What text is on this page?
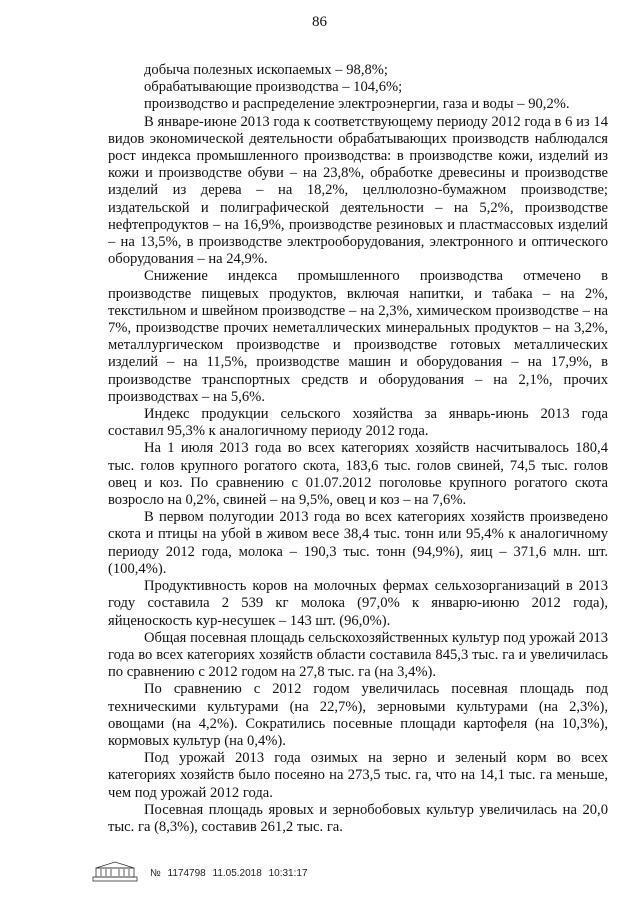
86

добыча полезных ископаемых – 98,8%;

обрабатывающие производства – 104,6%;

производство и распределение электроэнергии, газа и воды – 90,2%.

В январе-июне 2013 года к соответствующему периоду 2012 года в 6 из 14 видов экономической деятельности обрабатывающих производств наблюдался рост индекса промышленного производства: в производстве кожи, изделий из кожи и производстве обуви – на 23,8%, обработке древесины и производстве изделий из дерева – на 18,2%, целлюлозно-бумажном производстве; издательской и полиграфической деятельности – на 5,2%, производстве нефтепродуктов – на 16,9%, производстве резиновых и пластмассовых изделий – на 13,5%, в производстве электрооборудования, электронного и оптического оборудования – на 24,9%.

Снижение индекса промышленного производства отмечено в производстве пищевых продуктов, включая напитки, и табака – на 2%, текстильном и швейном производстве – на 2,3%, химическом производстве – на 7%, производстве прочих неметаллических минеральных продуктов – на 3,2%, металлургическом производстве и производстве готовых металлических изделий – на 11,5%, производстве машин и оборудования – на 17,9%, в производстве транспортных средств и оборудования – на 2,1%, прочих производствах – на 5,6%.

Индекс продукции сельского хозяйства за январь-июнь 2013 года составил 95,3% к аналогичному периоду 2012 года.

На 1 июля 2013 года во всех категориях хозяйств насчитывалось 180,4 тыс. голов крупного рогатого скота, 183,6 тыс. голов свиней, 74,5 тыс. голов овец и коз. По сравнению с 01.07.2012 поголовье крупного рогатого скота возросло на 0,2%, свиней – на 9,5%, овец и коз – на 7,6%.

В первом полугодии 2013 года во всех категориях хозяйств произведено скота и птицы на убой в живом весе 38,4 тыс. тонн или 95,4% к аналогичному периоду 2012 года, молока – 190,3 тыс. тонн (94,9%), яиц – 371,6 млн. шт. (100,4%).

Продуктивность коров на молочных фермах сельхозорганизаций в 2013 году составила 2 539 кг молока (97,0% к январю-июню 2012 года), яйценоскость кур-несушек – 143 шт. (96,0%).

Общая посевная площадь сельскохозяйственных культур под урожай 2013 года во всех категориях хозяйств области составила 845,3 тыс. га и увеличилась по сравнению с 2012 годом на 27,8 тыс. га (на 3,4%).

По сравнению с 2012 годом увеличилась посевная площадь под техническими культурами (на 22,7%), зерновыми культурами (на 2,3%), овощами (на 4,2%). Сократились посевные площади картофеля (на 10,3%), кормовых культур (на 0,4%).

Под урожай 2013 года озимых на зерно и зеленый корм во всех категориях хозяйств было посеяно на 273,5 тыс. га, что на 14,1 тыс. га меньше, чем под урожай 2012 года.

Посевная площадь яровых и зернобобовых культур увеличилась на 20,0 тыс. га (8,3%), составив 261,2 тыс. га.

№ 1174798 11.05.2018 10:31:17
